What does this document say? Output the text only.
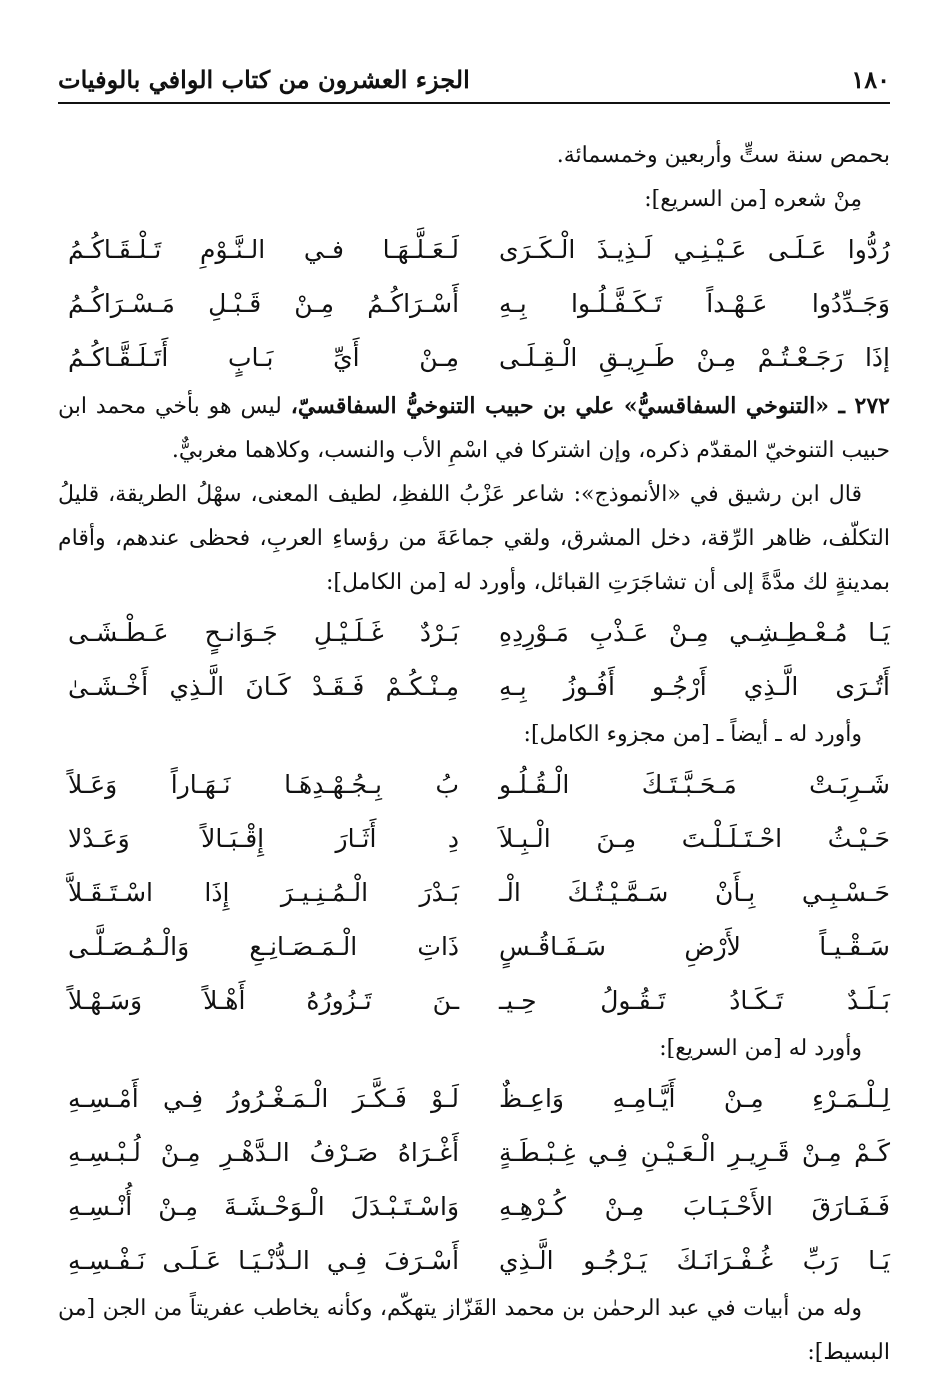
١٨٠
الجزء العشرون من كتاب الوافي بالوفيات

بحمص سنة ستٍّ وأربعين وخمسمائة.

مِنْ شعره [من السريع]:

رُدُّوا عَـلَـى عَـيْـنِـي لَـذِيـذَ الْـكَـرَى
لَـعَـلَّـهَـا فـي الـنَّـوْمِ تَـلْـقَـاكُـمُ
وَجَـدِّدُوا عَـهْـداً تَـكَـفَّـلُـوا بِـهِ
أَسْـرَاكُـمُ مِـنْ قَـبْـلِ مَـسْـرَاكُـمُ
إذَا رَجَـعْـتُـمْ مِـنْ طَـرِيـقِ الْـقِـلَـى
مِـنْ أَيِّ بَـابٍ أَتَـلَـقَّـاكُـمُ

٢٧٢ ـ «التنوخي السفاقسيُّ» علي بن حبيب التنوخيُّ السفاقسيّ، ليس هو بأخي محمد ابن حبيب التنوخيّ المقدّم ذكره، وإن اشتركا في اسْمِ الأب والنسب، وكلاهما مغربيٌّ.

قال ابن رشيق في «الأنموذج»: شاعر عَزْبُ اللفظِ، لطيف المعنى، سهْلُ الطريقة، قليلُ التكلّف، ظاهر الرِّقة، دخل المشرق، ولقي جماعَةَ من رؤساءِ العربِ، فحظى عندهم، وأقام بمدينةٍ لك مدَّةً إلى أن تشاجَرَتِ القبائل، وأورد له [من الكامل]:

يَـا مُـعْـطِـشِـي مِـنْ عَـذْبِ مَـوْرِدِهِ
بَـرْدٌ غَـلَـيْـلِ جَـوَانـحٍ عَـطْـشَـى
أَتُـرَى الَّـذِي أَرْجُـو أَفُـوزُ بِـهِ
مِـنْـكُـمْ فَـقَـدْ كَـانَ الَّـذِي أَخْـشَـىٰ

وأورد له ـ أيضاً ـ [من مجزوء الكامل]:

شَـرِبَـتْ مَـحَـبَّـتَـكَ الْـقُـلُـو
بُ بِـجُـهْـدِهَـا نَـهَـاراً وَعَـلاً
حَـيْـثُ احْـتَـلَـلْـتَ مِـنَ الْـبِـلاَ
دِ أَثَـارَ إِقْـبَـالاً وَعَـدْلا
حَـسْـبِـي بِـأَنْ سَـمَّـيْـتُـكَ الْـ
بَـدْرَ الْـمُـنِـيـرَ إِذَا اسْـتَـقَـلاَّ
سَـقْـيـاً لأَرْضِ سَـفَـاقُـسٍ
ذَاتِ الْـمَـصَـانِـعِ وَالْـمُـصَـلَّـى
بَـلَـدٌ تَـكَـادُ تَـقُـولُ حِـيـ
ـنَ تَـزُورُهُ أَهْـلاً وَسَـهْـلاً

وأورد له [من السريع]:

لِـلْـمَـرْءِ مِـنْ أَيَّـامِـهِ وَاعِـظٌ
لَـوْ فَـكَّـرَ الْـمَـغْـرُورُ فِـي أَمْـسِـهِ
كَـمْ مِـنْ قَـرِيـرِ الْـعَـيْـنِ فِـي غِـبْـطَـةٍ
أَغْـرَاهُ صَـرْفُ الـدَّهْـرِ مِـنْ لُـبْـسِـهِ
فَـفَـارَقَ الأَحْـبَـابَ مِـنْ كُـرْهِـهِ
وَاسْـتَـبْـدَلَ الْـوَحْـشَـةَ مِـنْ أُنْـسِـهِ
يَـا رَبِّ غُـفْـرَانَـكَ يَـرْجُـو الَّـذِي
أَسْـرَفَ فِـي الـدُّنْـيَـا عَـلَـى نَـفْـسِـهِ

وله من أبيات في عبد الرحمٰن بن محمد القَزّاز يتهكّم، وكأنه يخاطب عفريتاً من الجن [من البسيط]:
